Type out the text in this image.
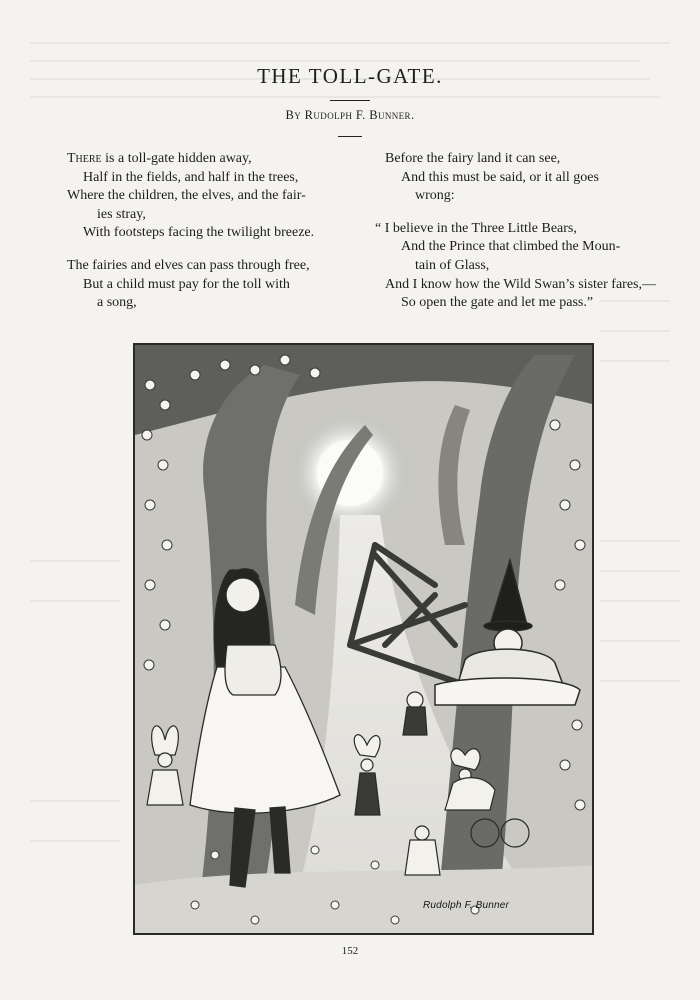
THE TOLL-GATE.
By Rudolph F. Bunner.
There is a toll-gate hidden away,
Half in the fields, and half in the trees,
Where the children, the elves, and the fair-
ies stray,
With footsteps facing the twilight breeze.
The fairies and elves can pass through free,
But a child must pay for the toll with
a song,
Before the fairy land it can see,
And this must be said, or it all goes
wrong:
“ I believe in the Three Little Bears,
And the Prince that climbed the Moun-
tain of Glass,
And I know how the Wild Swan’s sister fares,—
So open the gate and let me pass.”
Rudolph F. Bunner
152
